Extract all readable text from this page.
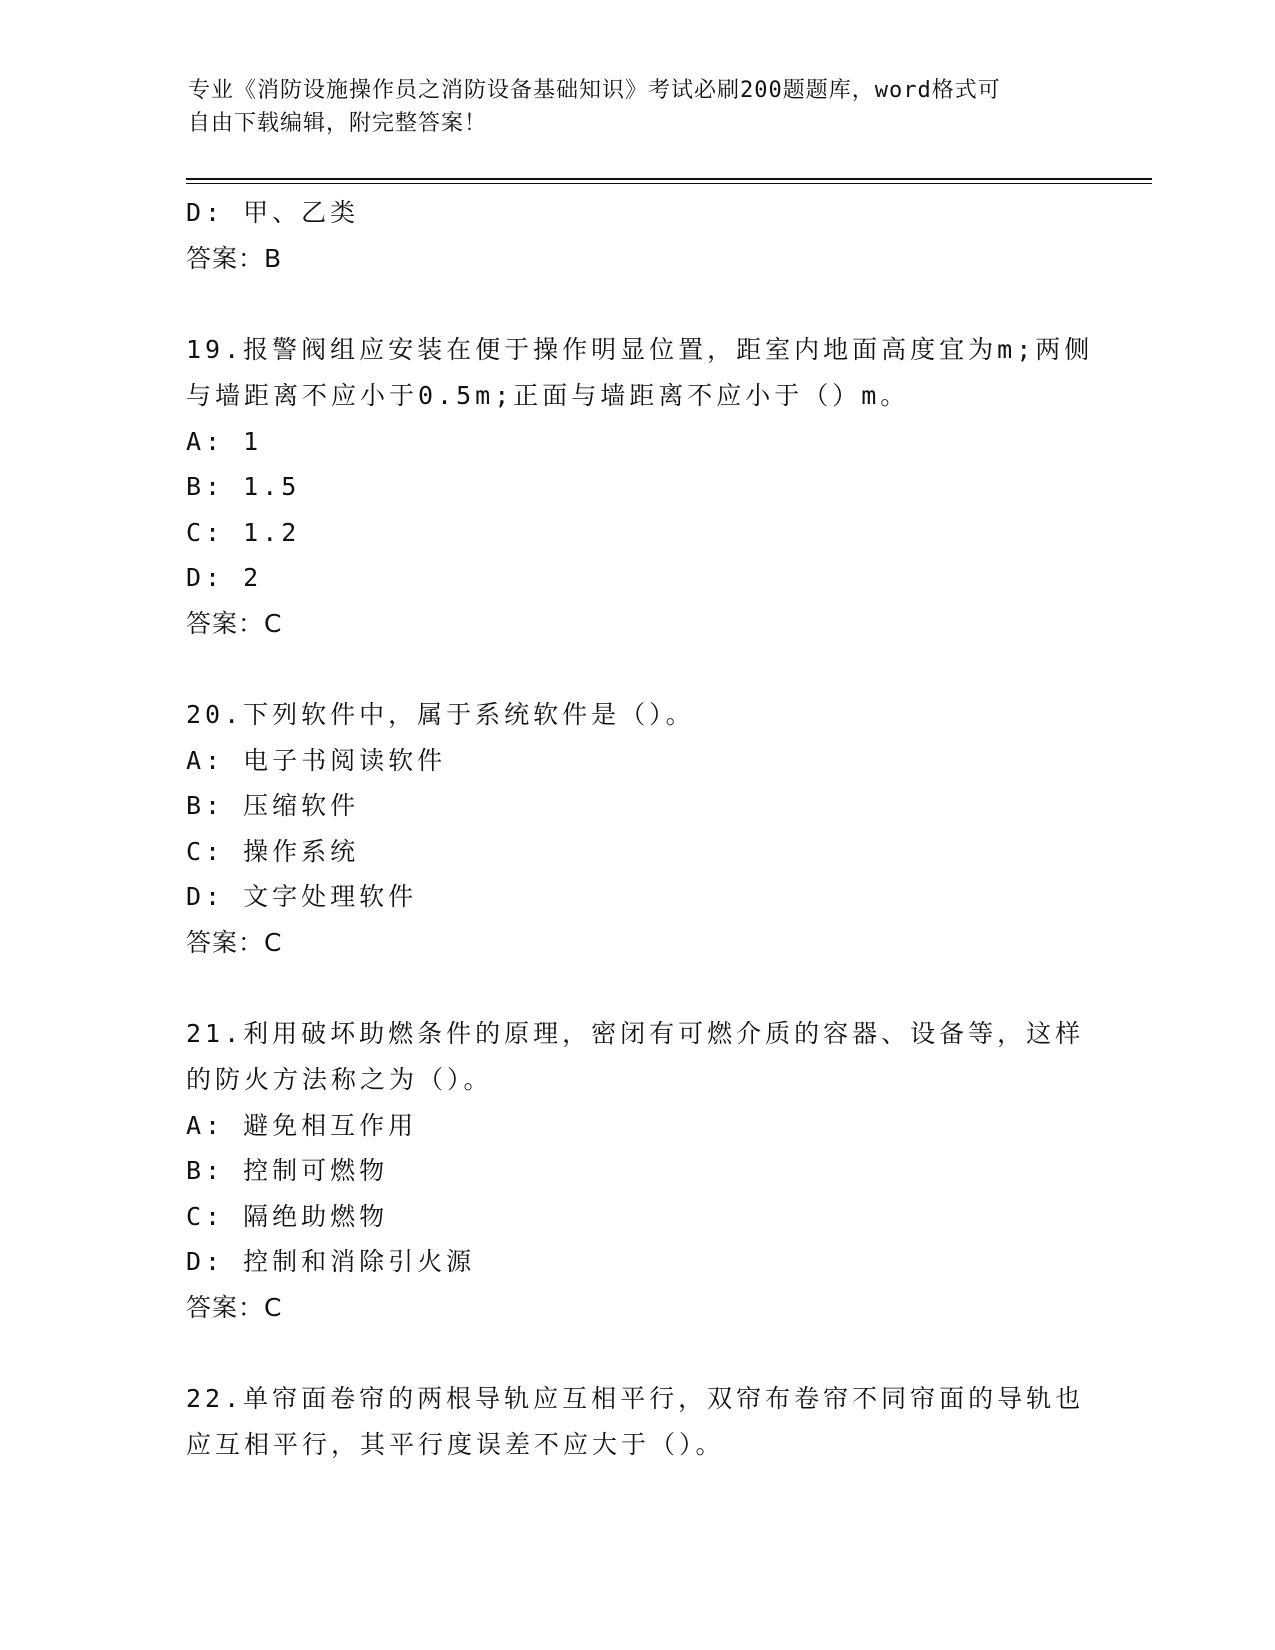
专业《消防设施操作员之消防设备基础知识》考试必刷200题题库，word格式可
自由下载编辑，附完整答案！
D: 甲、乙类
答案：B
19.报警阀组应安装在便于操作明显位置，距室内地面高度宜为m;两侧
与墙距离不应小于0.5m;正面与墙距离不应小于（）m。
A: 1
B: 1.5
C: 1.2
D: 2
答案：C
20.下列软件中，属于系统软件是（）。
A: 电子书阅读软件
B: 压缩软件
C: 操作系统
D: 文字处理软件
答案：C
21.利用破坏助燃条件的原理，密闭有可燃介质的容器、设备等，这样
的防火方法称之为（）。
A: 避免相互作用
B: 控制可燃物
C: 隔绝助燃物
D: 控制和消除引火源
答案：C
22.单帘面卷帘的两根导轨应互相平行，双帘布卷帘不同帘面的导轨也
应互相平行，其平行度误差不应大于（）。
